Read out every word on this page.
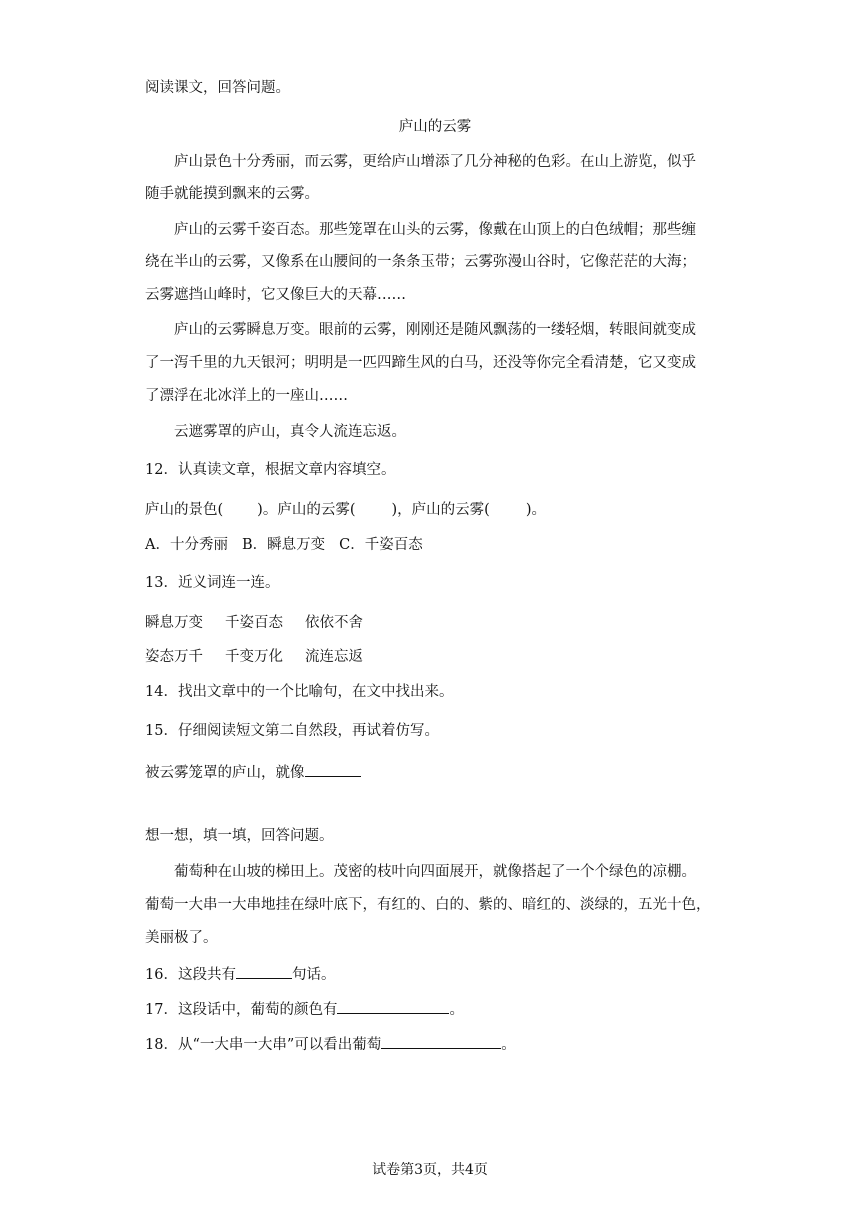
阅读课文，回答问题。
庐山的云雾
庐山景色十分秀丽，而云雾，更给庐山增添了几分神秘的色彩。在山上游览，似乎
随手就能摸到飘来的云雾。
庐山的云雾千姿百态。那些笼罩在山头的云雾，像戴在山顶上的白色绒帽；那些缠
绕在半山的云雾，又像系在山腰间的一条条玉带；云雾弥漫山谷时，它像茫茫的大海；
云雾遮挡山峰时，它又像巨大的天幕……
庐山的云雾瞬息万变。眼前的云雾，刚刚还是随风飘荡的一缕轻烟，转眼间就变成
了一泻千里的九天银河；明明是一匹四蹄生风的白马，还没等你完全看清楚，它又变成
了漂浮在北冰洋上的一座山……
云遮雾罩的庐山，真令人流连忘返。
12．认真读文章，根据文章内容填空。
庐山的景色( )。庐山的云雾( )，庐山的云雾( )。
A．十分秀丽 B．瞬息万变 C．千姿百态
13．近义词连一连。
瞬息万变 千姿百态 依依不舍
姿态万千 千变万化 流连忘返
14．找出文章中的一个比喻句，在文中找出来。
15．仔细阅读短文第二自然段，再试着仿写。
被云雾笼罩的庐山，就像
想一想，填一填，回答问题。
葡萄种在山坡的梯田上。茂密的枝叶向四面展开，就像搭起了一个个绿色的凉棚。
葡萄一大串一大串地挂在绿叶底下，有红的、白的、紫的、暗红的、淡绿的，五光十色，
美丽极了。
16．这段共有	句话。
17．这段话中，葡萄的颜色有	。
18．从“一大串一大串”可以看出葡萄	。
试卷第3页，共4页
